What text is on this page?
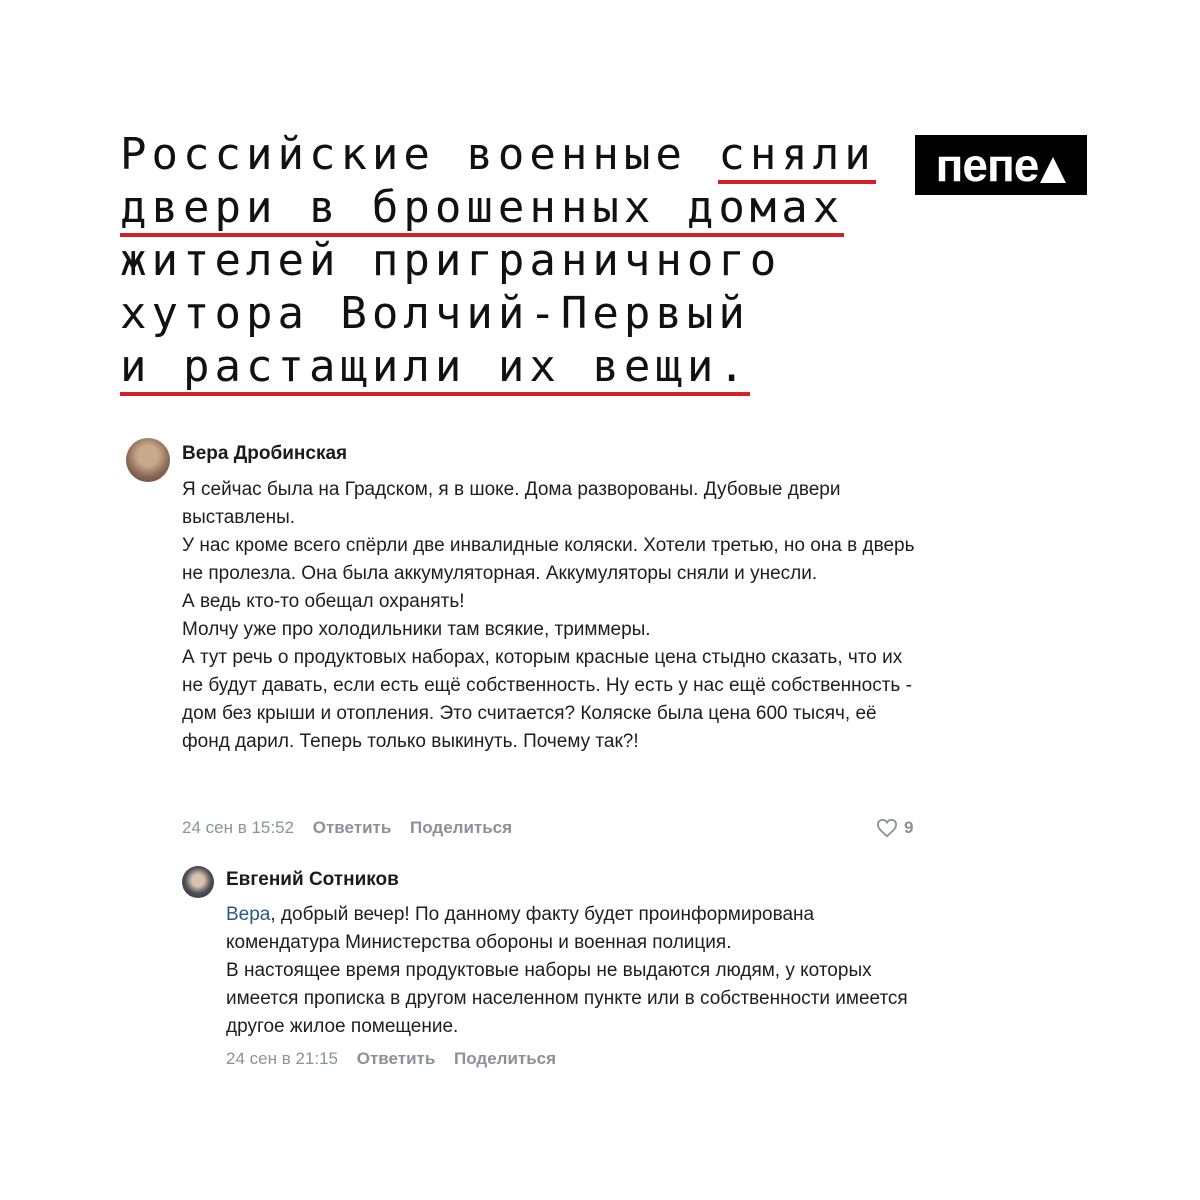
Российские военные сняли
двери в брошенных домах
жителей приграничного
хутора Волчий-Первый
и растащили их вещи.
пепе
Вера Дробинская

Я сейчас была на Градском, я в шоке. Дома разворованы. Дубовые двери выставлены.

У нас кроме всего спёрли две инвалидные коляски. Хотели третью, но она в дверь не пролезла. Она была аккумуляторная. Аккумуляторы сняли и унесли.

А ведь кто-то обещал охранять!

Молчу уже про холодильники там всякие, триммеры.

А тут речь о продуктовых наборах, которым красные цена стыдно сказать, что их не будут давать, если есть ещё собственность. Ну есть у нас ещё собственность - дом без крыши и отопления. Это считается? Коляске была цена 600 тысяч, её фонд дарил. Теперь только выкинуть. Почему так?!

24 сен в 15:52 Ответить Поделиться	9
Евгений Сотников

Вера, добрый вечер! По данному факту будет проинформирована комендатура Министерства обороны и военная полиция.

В настоящее время продуктовые наборы не выдаются людям, у которых имеется прописка в другом населенном пункте или в собственности имеется другое жилое помещение.

24 сен в 21:15 Ответить Поделиться
